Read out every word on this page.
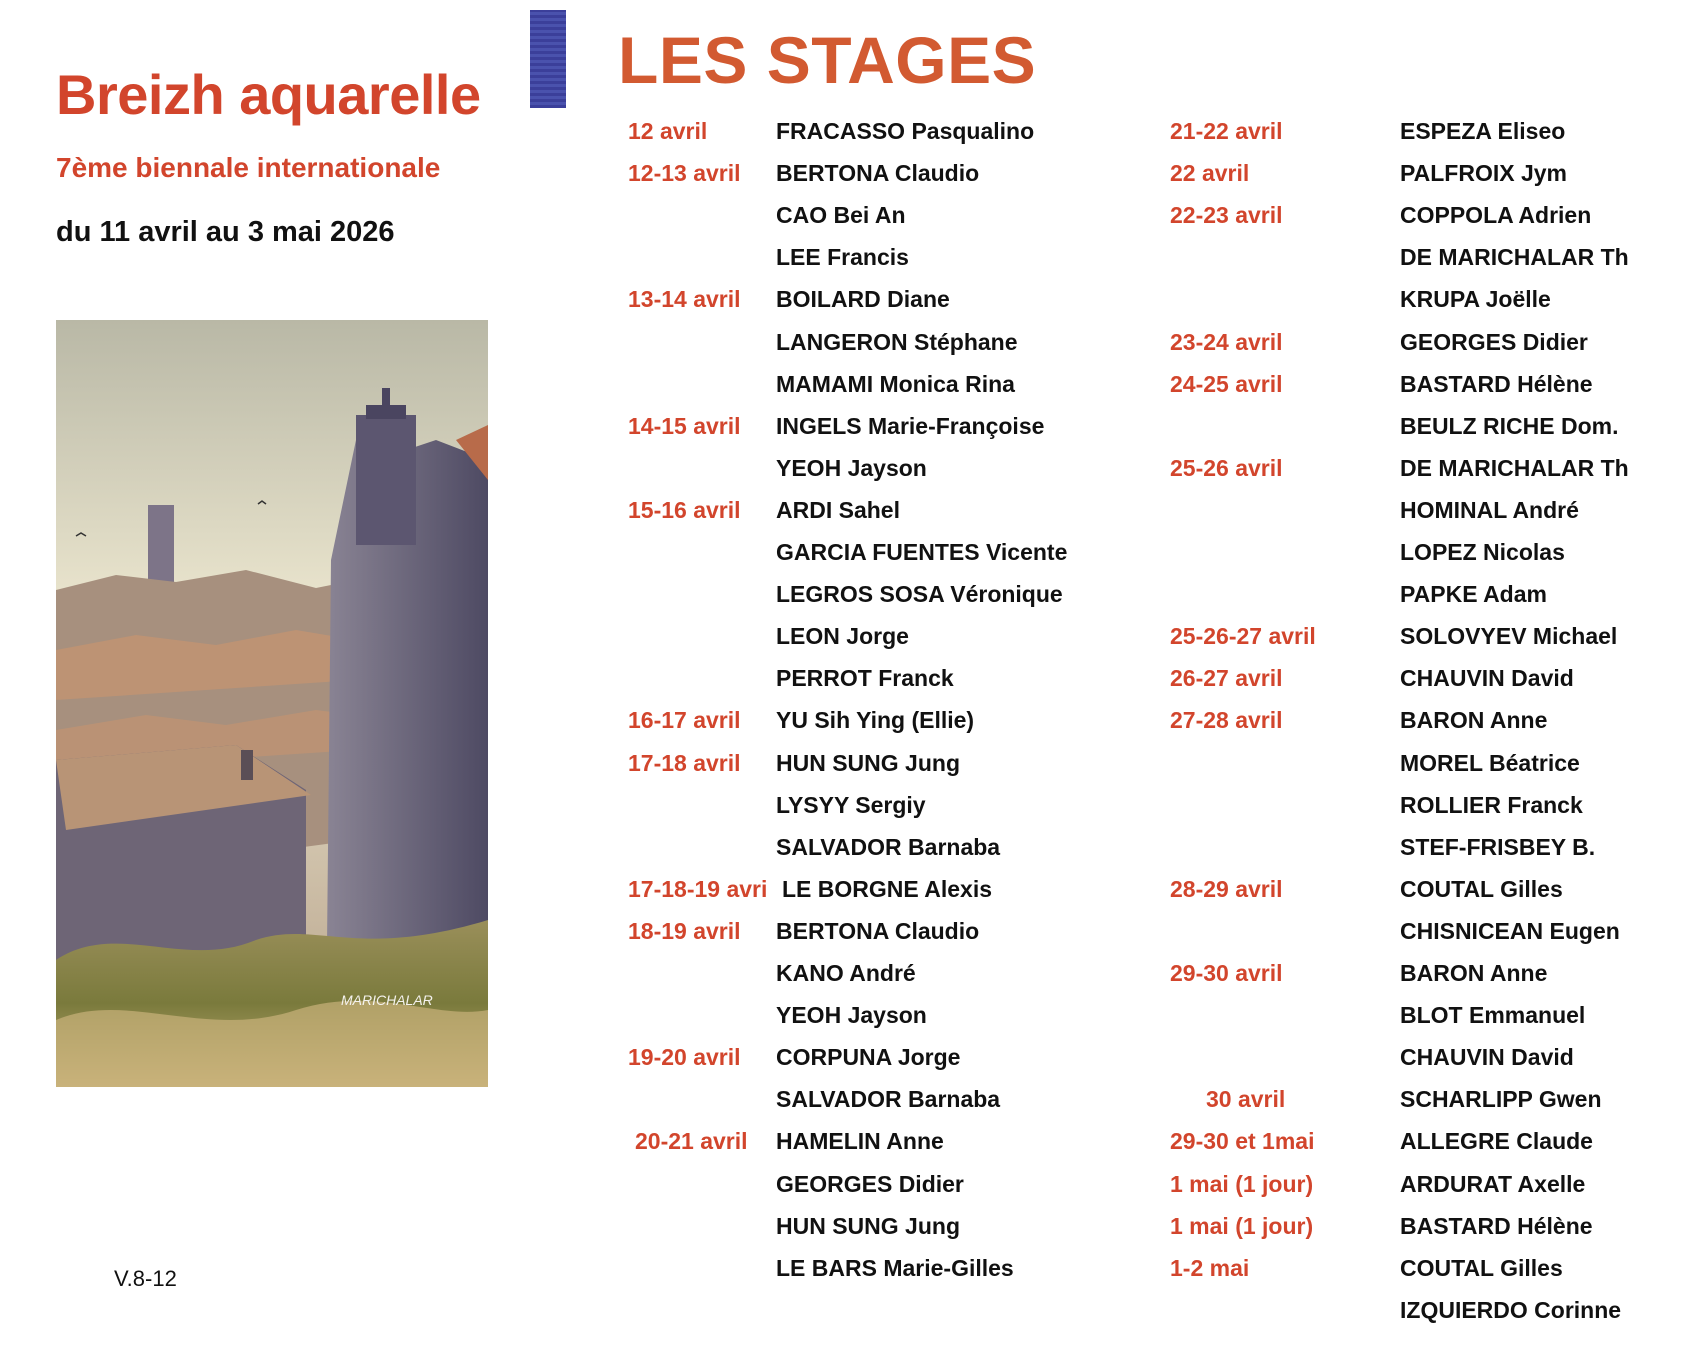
Breizh aquarelle
7ème biennale internationale
du 11 avril au 3 mai 2026
LES STAGES
MARICHALAR
V.8-12
12 avril	FRACASSO Pasqualino
12-13 avril BERTONA Claudio
CAO Bei An
LEE Francis
13-14 avril BOILARD Diane
LANGERON Stéphane
MAMAMI Monica Rina
14-15 avril INGELS Marie-Françoise
YEOH Jayson
15-16 avril ARDI Sahel
GARCIA FUENTES Vicente
LEGROS SOSA Véronique
LEON Jorge
PERROT Franck
16-17 avril YU Sih Ying (Ellie)
17-18 avril HUN SUNG Jung
LYSYY Sergiy
SALVADOR Barnaba
17-18-19 avri LE BORGNE Alexis
18-19 avril BERTONA Claudio
KANO André
YEOH Jayson
19-20 avril CORPUNA Jorge
SALVADOR Barnaba
20-21 avril HAMELIN Anne
GEORGES Didier
HUN SUNG Jung
LE BARS Marie-Gilles
21-22 avril	ESPEZA Eliseo
22 avril	PALFROIX Jym
22-23 avril	COPPOLA Adrien
DE MARICHALAR Th
KRUPA Joëlle
23-24 avril	GEORGES Didier
24-25 avril	BASTARD Hélène
BEULZ RICHE Dom.
25-26 avril	DE MARICHALAR Th
HOMINAL André
LOPEZ Nicolas
PAPKE Adam
25-26-27 avril	SOLOVYEV Michael
26-27 avril	CHAUVIN David
27-28 avril	BARON Anne
MOREL Béatrice
ROLLIER Franck
STEF-FRISBEY B.
28-29 avril	COUTAL Gilles
CHISNICEAN Eugen
29-30 avril	BARON Anne
BLOT Emmanuel
CHAUVIN David
30 avril	SCHARLIPP Gwen
29-30 et 1mai	ALLEGRE Claude
1 mai (1 jour)	ARDURAT Axelle
1 mai (1 jour)	BASTARD Hélène
1-2 mai	COUTAL Gilles
IZQUIERDO Corinne
